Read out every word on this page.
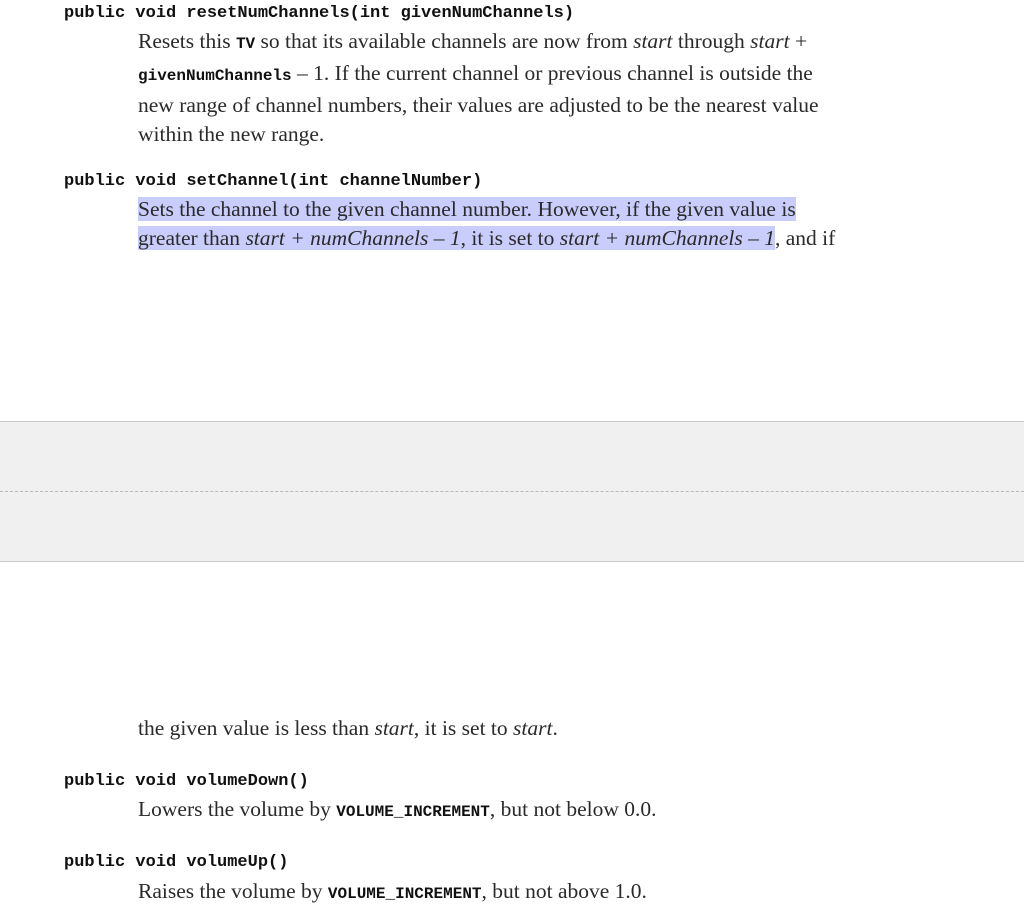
public void resetNumChannels(int givenNumChannels)
Resets this TV so that its available channels are now from start through start +
givenNumChannels – 1. If the current channel or previous channel is outside the
new range of channel numbers, their values are adjusted to be the nearest value
within the new range.
public void setChannel(int channelNumber)
Sets the channel to the given channel number. However, if the given value is
greater than start + numChannels – 1, it is set to start + numChannels – 1, and if
the given value is less than start, it is set to start.
public void volumeDown()
Lowers the volume by VOLUME_INCREMENT, but not below 0.0.
public void volumeUp()
Raises the volume by VOLUME_INCREMENT, but not above 1.0.
